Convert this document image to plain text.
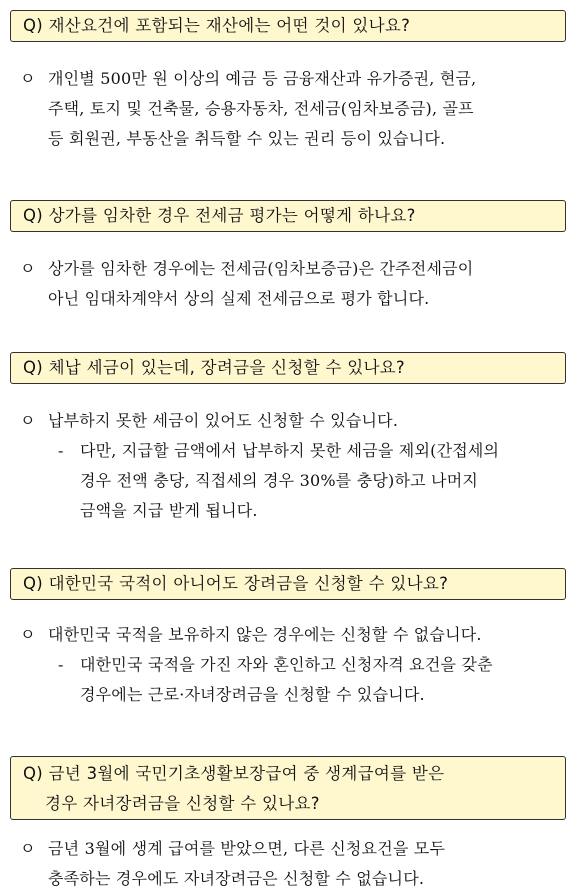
Q) 재산요건에 포함되는 재산에는 어떤 것이 있나요?
ㅇ 개인별 500만 원 이상의 예금 등 금융재산과 유가증권, 현금,
주택, 토지 및 건축물, 승용자동차, 전세금(임차보증금), 골프
등 회원권, 부동산을 취득할 수 있는 권리 등이 있습니다.
Q) 상가를 임차한 경우 전세금 평가는 어떻게 하나요?
ㅇ 상가를 임차한 경우에는 전세금(임차보증금)은 간주전세금이
아닌 임대차계약서 상의 실제 전세금으로 평가 합니다.
Q) 체납 세금이 있는데, 장려금을 신청할 수 있나요?
ㅇ 납부하지 못한 세금이 있어도 신청할 수 있습니다.
- 다만, 지급할 금액에서 납부하지 못한 세금을 제외(간접세의
경우 전액 충당, 직접세의 경우 30%를 충당)하고 나머지
금액을 지급 받게 됩니다.
Q) 대한민국 국적이 아니어도 장려금을 신청할 수 있나요?
ㅇ 대한민국 국적을 보유하지 않은 경우에는 신청할 수 없습니다.
- 대한민국 국적을 가진 자와 혼인하고 신청자격 요건을 갖춘
경우에는 근로·자녀장려금을 신청할 수 있습니다.
Q) 금년 3월에 국민기초생활보장급여 중 생계급여를 받은
경우 자녀장려금을 신청할 수 있나요?
ㅇ 금년 3월에 생계 급여를 받았으면, 다른 신청요건을 모두
충족하는 경우에도 자녀장려금은 신청할 수 없습니다.
